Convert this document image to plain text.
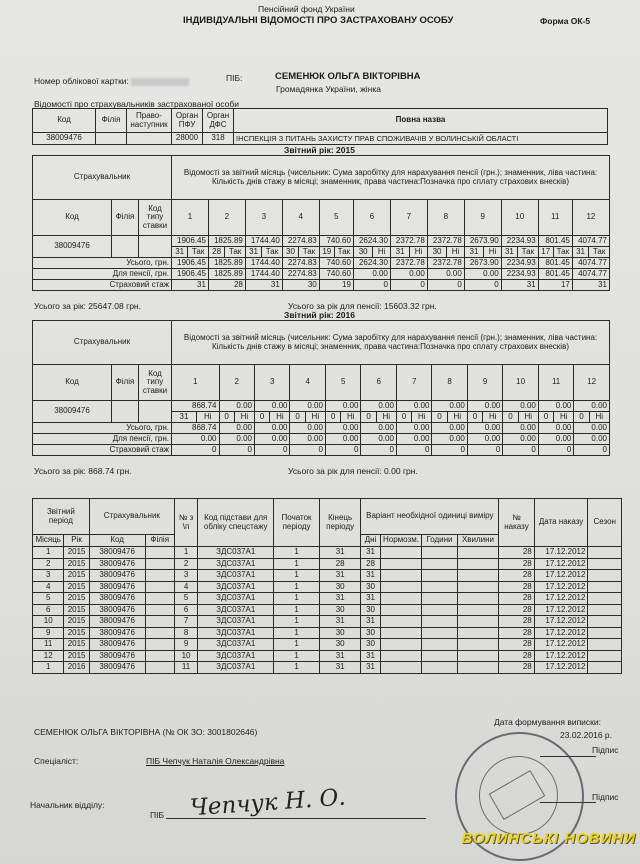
Пенсійний фонд України
ІНДИВІДУАЛЬНІ ВІДОМОСТІ ПРО ЗАСТРАХОВАНУ ОСОБУ	Форма ОК-5
Номер облікової картки:	ПІБ:	СЕМЕНЮК ОЛЬГА ВІКТОРІВНА
Громадянка України, жінка
Відомості про страхувальників застрахованої особи
Код	Філія	Право-наступник	Орган ПФУ	Орган ДФС	Повна назва
38009476			28000	318	ІНСПЕКЦІЯ З ПИТАНЬ ЗАХИСТУ ПРАВ СПОЖИВАЧІВ У ВОЛИНСЬКІЙ ОБЛАСТІ
Звітний рік: 2015
Страхувальник			Відомості за звітний місяць (чисельник: Сума заробітку для нарахування пенсії (грн.); знаменник, ліва частина: Кількість днів стажу в місяці; знаменник, права частина:Позначка про сплату страхових внесків)																							
Код	Філія	Код типу ставки	1		2		3		4		5		6		7		8		9		10		11		12	
38009476			1906.45		1825.89		1744.40		2274.83		740.60		2624.30		2372.78		2372.78		2673.90		2234.93		801.45		4074.77	
			31	Так	28	Так	31	Так	30	Так	19	Так	30	Ні	31	Ні	30	Ні	31	Ні	31	Так	17	Так	31	Так
Усього, грн.			1906.45		1825.89		1744.40		2274.83		740.60		2624.30		2372.78		2372.78		2673.90		2234.93		801.45		4074.77	
Для пенсії, грн.			1906.45		1825.89		1744.40		2274.83		740.60		0.00		0.00		0.00		0.00		2234.93		801.45		4074.77	
Страховий стаж			31		28		31		30		19		0		0		0		0		31		17		31	
Усього за рік: 25647.08 грн.	Усього за рік для пенсії: 15603.32 грн.
Звітний рік: 2016
Страхувальник			Відомості за звітний місяць (чисельник: Сума заробітку для нарахування пенсії (грн.); знаменник, ліва частина: Кількість днів стажу в місяці; знаменник, права частина:Позначка про сплату страхових внесків)																							
Код	Філія	Код типу ставки	1		2		3		4		5		6		7		8		9		10		11		12	
38009476			868.74		0.00		0.00		0.00		0.00		0.00		0.00		0.00		0.00		0.00		0.00		0.00	
			31	Ні	0	Ні	0	Ні	0	Ні	0	Ні	0	Ні	0	Ні	0	Ні	0	Ні	0	Ні	0	Ні	0	Ні
Усього, грн.			868.74		0.00		0.00		0.00		0.00		0.00		0.00		0.00		0.00		0.00		0.00		0.00	
Для пенсії, грн.			0.00		0.00		0.00		0.00		0.00		0.00		0.00		0.00		0.00		0.00		0.00		0.00	
Страховий стаж			0		0		0		0		0		0		0		0		0		0		0		0	
Усього за рік: 868.74 грн.	Усього за рік для пенсії: 0.00 грн.
Звітний період		Страхувальник		№ з \п	Код підстави для обліку спецстажу	Початок періоду	Кінець періоду	Варіант необхідної одиниці виміру				№ наказу	Дата наказу	Сезон
Місяць	Рік	Код	Філія					Дні	Нормозм.	Години	Хвилини			
1	2015	38009476		1	ЗДС037А1	1	31	31				28	17.12.2012	
2	2015	38009476		2	ЗДС037А1	1	28	28				28	17.12.2012	
3	2015	38009476		3	ЗДС037А1	1	31	31				28	17.12.2012	
4	2015	38009476		4	ЗДС037А1	1	30	30				28	17.12.2012	
5	2015	38009476		5	ЗДС037А1	1	31	31				28	17.12.2012	
6	2015	38009476		6	ЗДС037А1	1	30	30				28	17.12.2012	
10	2015	38009476		7	ЗДС037А1	1	31	31				28	17.12.2012	
9	2015	38009476		8	ЗДС037А1	1	30	30				28	17.12.2012	
11	2015	38009476		9	ЗДС037А1	1	30	30				28	17.12.2012	
12	2015	38009476		10	ЗДС037А1	1	31	31				28	17.12.2012	
1	2016	38009476		11	ЗДС037А1	1	31	31				28	17.12.2012	
СЕМЕНЮК ОЛЬГА ВІКТОРІВНА (№ ОК ЗО: 3001802646)
Дата формування виписки:
23.02.2016 р.
Спеціаліст:	ПІБ Чепчук Наталія Олександрівна
Підпис
Начальник відділу:
ПІБ Чепчук Н. О.	Підпис
ВОЛИНСЬКІ НОВИНИ
